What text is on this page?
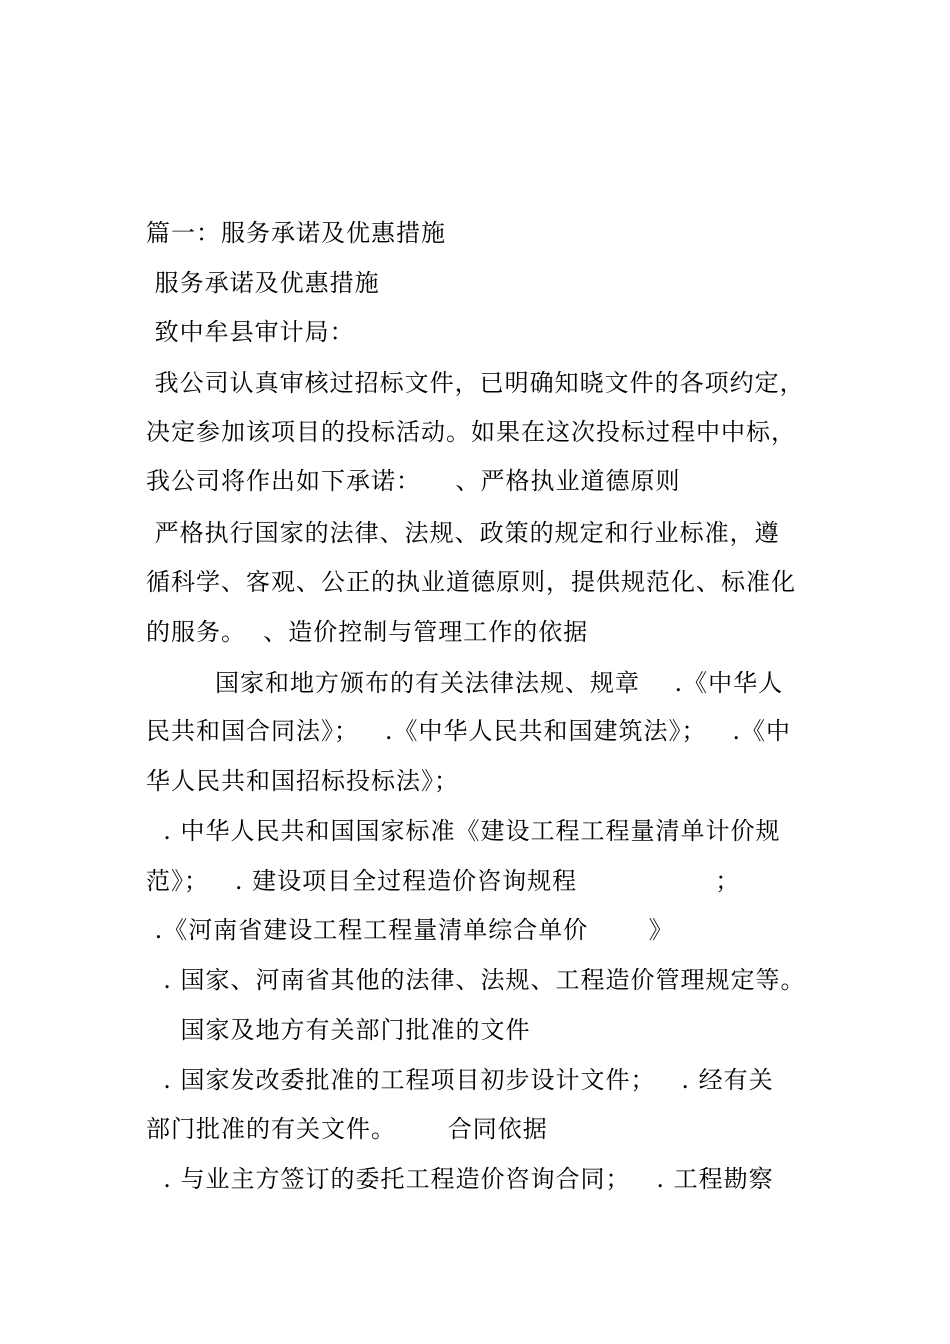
篇一：服务承诺及优惠措施
服务承诺及优惠措施
致中牟县审计局：
我公司认真审核过招标文件，已明确知晓文件的各项约定，
决定参加该项目的投标活动。如果在这次投标过程中中标，
我公司将作出如下承诺：    、严格执业道德原则
严格执行国家的法律、法规、政策的规定和行业标准，遵
循科学、客观、公正的执业道德原则，提供规范化、标准化
的服务。  、造价控制与管理工作的依据
国家和地方颁布的有关法律法规、规章    .《中华人
民共和国合同法》；   .《中华人民共和国建筑法》；   .《中
华人民共和国招标投标法》；
. 中华人民共和国国家标准《建设工程工程量清单计价规
范》；   . 建设项目全过程造价咨询规程                ；
.《河南省建设工程工程量清单综合单价       》
. 国家、河南省其他的法律、法规、工程造价管理规定等。
国家及地方有关部门批准的文件
. 国家发改委批准的工程项目初步设计文件；   . 经有关
部门批准的有关文件。      合同依据
. 与业主方签订的委托工程造价咨询合同；   . 工程勘察
